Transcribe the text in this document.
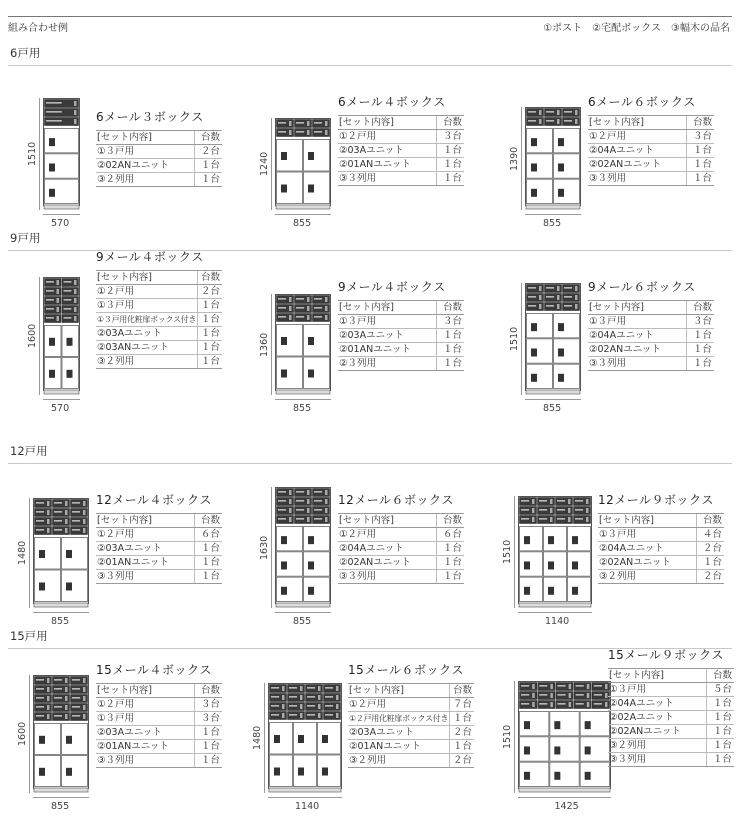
組み合わせ例	①ポスト　②宅配ボックス　③幅木の品名
6戸用
1510
570
6メール３ボックス
[セット内容]	台数
①３戸用	２台
②02ANユニット	１台
③２列用	１台
1240
855
6メール４ボックス
[セット内容]	台数
①２戸用	３台
②03Aユニット	１台
②01ANユニット	１台
③３列用	１台
1390
855
6メール６ボックス
[セット内容]	台数
①２戸用	３台
②04Aユニット	１台
②02ANユニット	１台
③３列用	１台
9戸用
1600
570
9メール４ボックス
[セット内容]	台数
①２戸用	２台
①３戸用	１台
①３戸用化粧扉ボックス付き	１台
②03Aユニット	１台
②03ANユニット	１台
③２列用	１台
1360
855
9メール４ボックス
[セット内容]	台数
①３戸用	３台
②03Aユニット	１台
②01ANユニット	１台
②３列用	１台
1510
855
9メール６ボックス
[セット内容]	台数
①３戸用	３台
②04Aユニット	１台
②02ANユニット	１台
③３列用	１台
12戸用
1480
855
12メール４ボックス
[セット内容]	台数
①２戸用	６台
②03Aユニット	１台
②01ANユニット	１台
③３列用	１台
1630
855
12メール６ボックス
[セット内容]	台数
①２戸用	６台
②04Aユニット	１台
②02ANユニット	１台
③３列用	１台
1510
1140
12メール９ボックス
[セット内容]	台数
①３戸用	４台
②04Aユニット	２台
②02ANユニット	１台
③２列用	２台
15戸用
1600
855
15メール４ボックス
[セット内容]	台数
①２戸用	３台
①３戸用	３台
②03Aユニット	１台
②01ANユニット	１台
③３列用	１台
1480
1140
15メール６ボックス
[セット内容]	台数
①２戸用	７台
①２戸用化粧扉ボックス付き	１台
②03Aユニット	２台
②01ANユニット	１台
③２列用	２台
1510
1425
15メール９ボックス
[セット内容]	台数
①３戸用	５台
②04Aユニット	１台
②02Aユニット	１台
②02ANユニット	１台
③２列用	１台
③３列用	１台
